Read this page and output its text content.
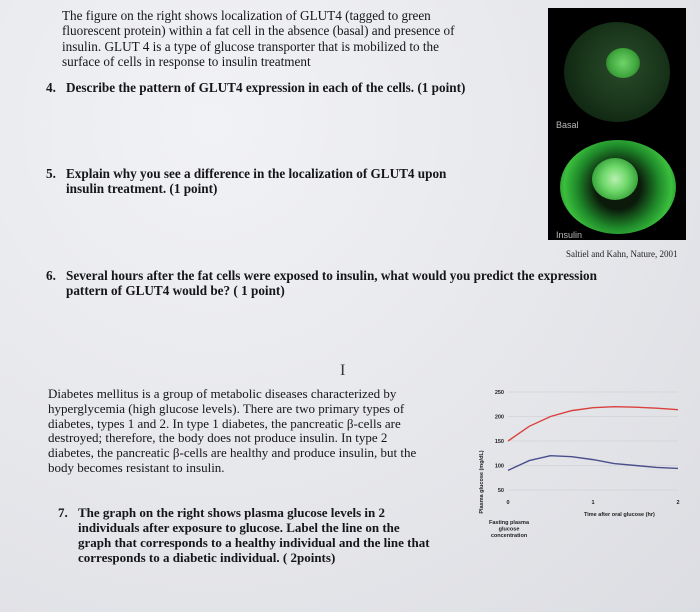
The figure on the right shows localization of GLUT4 (tagged to green
fluorescent protein) within a fat cell in the absence (basal) and presence of
insulin. GLUT 4 is a type of glucose transporter that is mobilized to the
surface of cells in response to insulin treatment
4. Describe the pattern of GLUT4 expression in each of the cells. (1 point)
5. Explain why you see a difference in the localization of GLUT4 upon
insulin treatment. (1 point)
6. Several hours after the fat cells were exposed to insulin, what would you predict the expression
pattern of GLUT4 would be? ( 1 point)
I
Diabetes mellitus is a group of metabolic diseases characterized by
hyperglycemia (high glucose levels). There are two primary types of
diabetes, types 1 and 2. In type 1 diabetes, the pancreatic β-cells are
destroyed; therefore, the body does not produce insulin. In type 2
diabetes, the pancreatic β-cells are healthy and produce insulin, but the
body becomes resistant to insulin.
7. The graph on the right shows plasma glucose levels in 2
individuals after exposure to glucose. Label the line on the
graph that corresponds to a healthy individual and the line that
corresponds to a diabetic individual. ( 2points)
Basal
Insulin
Saltiel and Kahn, Nature, 2001
Plasma glucose (mg/dL) 50
100
150
200
250
0	1	2
Time after oral glucose (hr)
Fasting plasma glucose concentration
